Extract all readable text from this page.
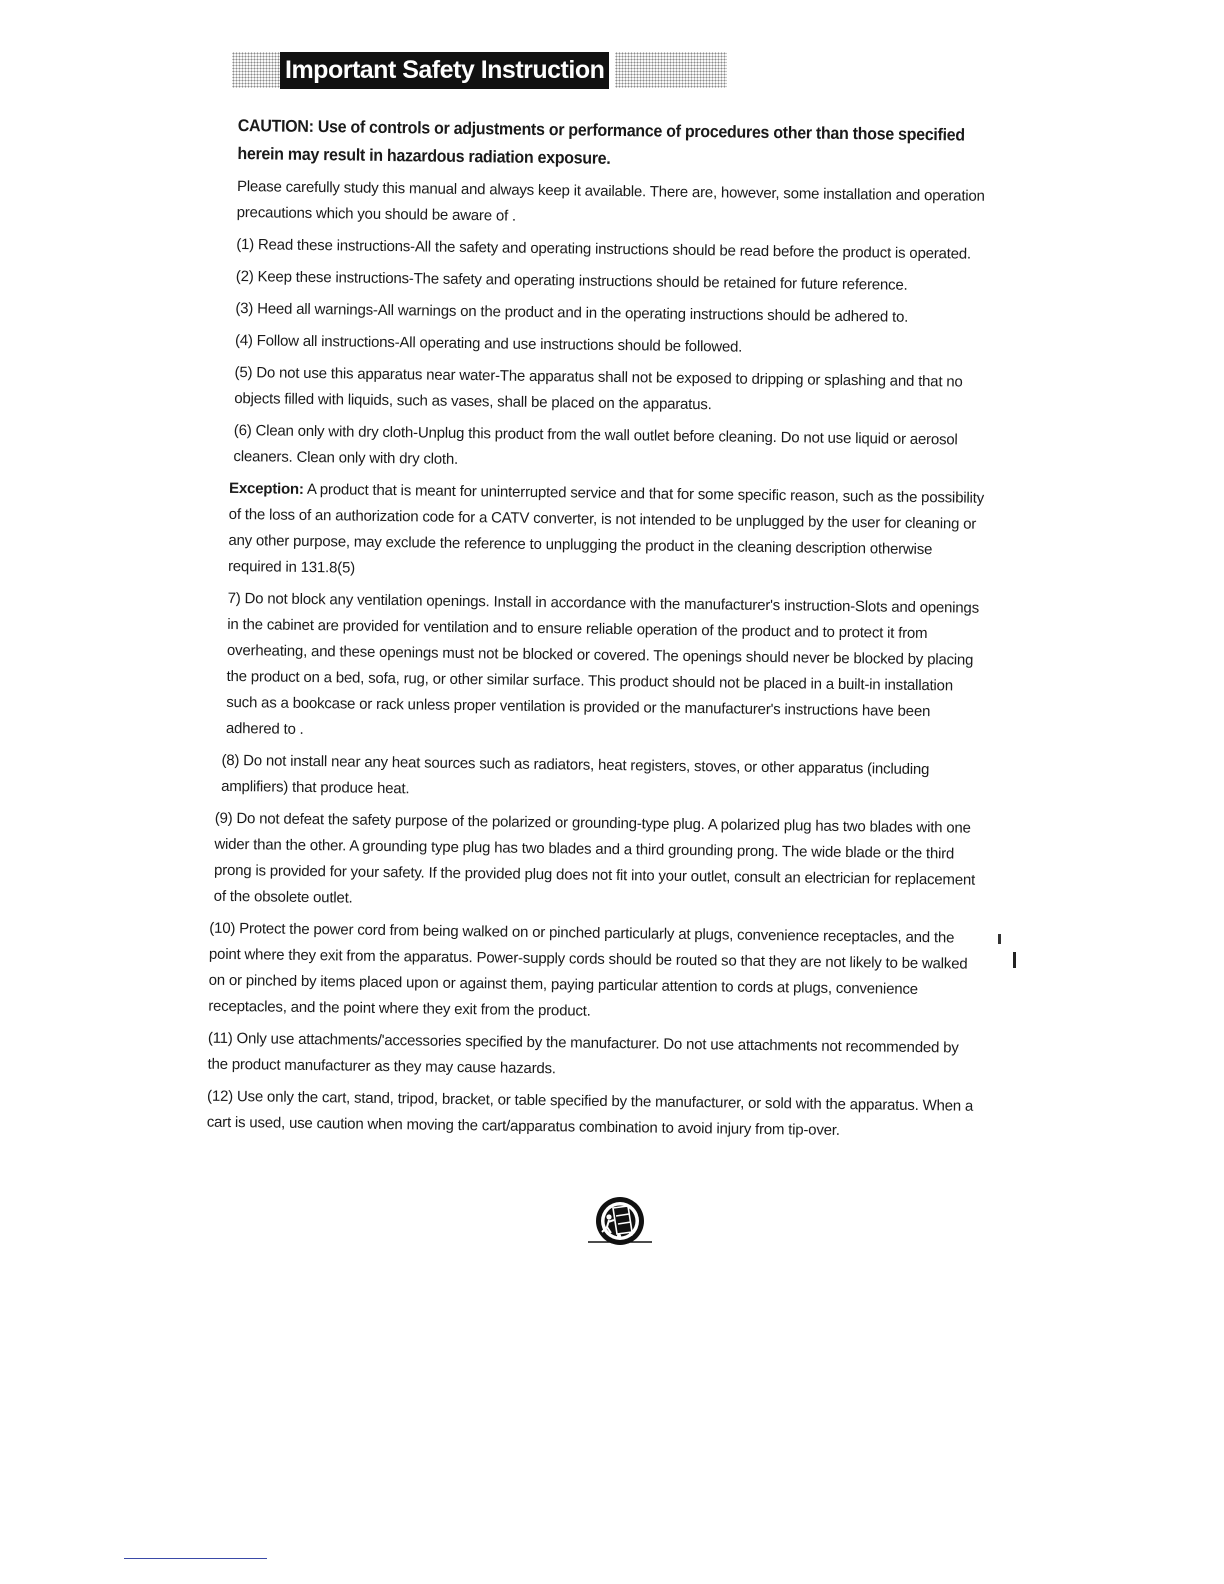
Important Safety Instruction

CAUTION: Use of controls or adjustments or performance of procedures other than those specified herein may result in hazardous radiation exposure.

Please carefully study this manual and always keep it available. There are, however, some installation and operation precautions which you should be aware of .

(1) Read these instructions-All the safety and operating instructions should be read before the product is operated.

(2) Keep these instructions-The safety and operating instructions should be retained for future reference.

(3) Heed all warnings-All warnings on the product and in the operating instructions should be adhered to.

(4) Follow all instructions-All operating and use instructions should be followed.

(5) Do not use this apparatus near water-The apparatus shall not be exposed to dripping or splashing and that no objects filled with liquids, such as vases, shall be placed on the apparatus.

(6) Clean only with dry cloth-Unplug this product from the wall outlet before cleaning. Do not use liquid or aerosol cleaners. Clean only with dry cloth.

Exception: A product that is meant for uninterrupted service and that for some specific reason, such as the possibility of the loss of an authorization code for a CATV converter, is not intended to be unplugged by the user for cleaning or any other purpose, may exclude the reference to unplugging the product in the cleaning description otherwise required in 131.8(5)

7) Do not block any ventilation openings. Install in accordance with the manufacturer's instruction-Slots and openings in the cabinet are provided for ventilation and to ensure reliable operation of the product and to protect it from overheating, and these openings must not be blocked or covered. The openings should never be blocked by placing the product on a bed, sofa, rug, or other similar surface. This product should not be placed in a built-in installation such as a bookcase or rack unless proper ventilation is provided or the manufacturer's instructions have been adhered to .

(8) Do not install near any heat sources such as radiators, heat registers, stoves, or other apparatus (including amplifiers) that produce heat.

(9) Do not defeat the safety purpose of the polarized or grounding-type plug. A polarized plug has two blades with one wider than the other. A grounding type plug has two blades and a third grounding prong. The wide blade or the third prong is provided for your safety. If the provided plug does not fit into your outlet, consult an electrician for replacement of the obsolete outlet.

(10) Protect the power cord from being walked on or pinched particularly at plugs, convenience receptacles, and the point where they exit from the apparatus. Power-supply cords should be routed so that they are not likely to be walked on or pinched by items placed upon or against them, paying particular attention to cords at plugs, convenience receptacles, and the point where they exit from the product.

(11) Only use attachments/'accessories specified by the manufacturer. Do not use attachments not recommended by the product manufacturer as they may cause hazards.

(12) Use only the cart, stand, tripod, bracket, or table specified by the manufacturer, or sold with the apparatus. When a cart is used, use caution when moving the cart/apparatus combination to avoid injury from tip-over.
